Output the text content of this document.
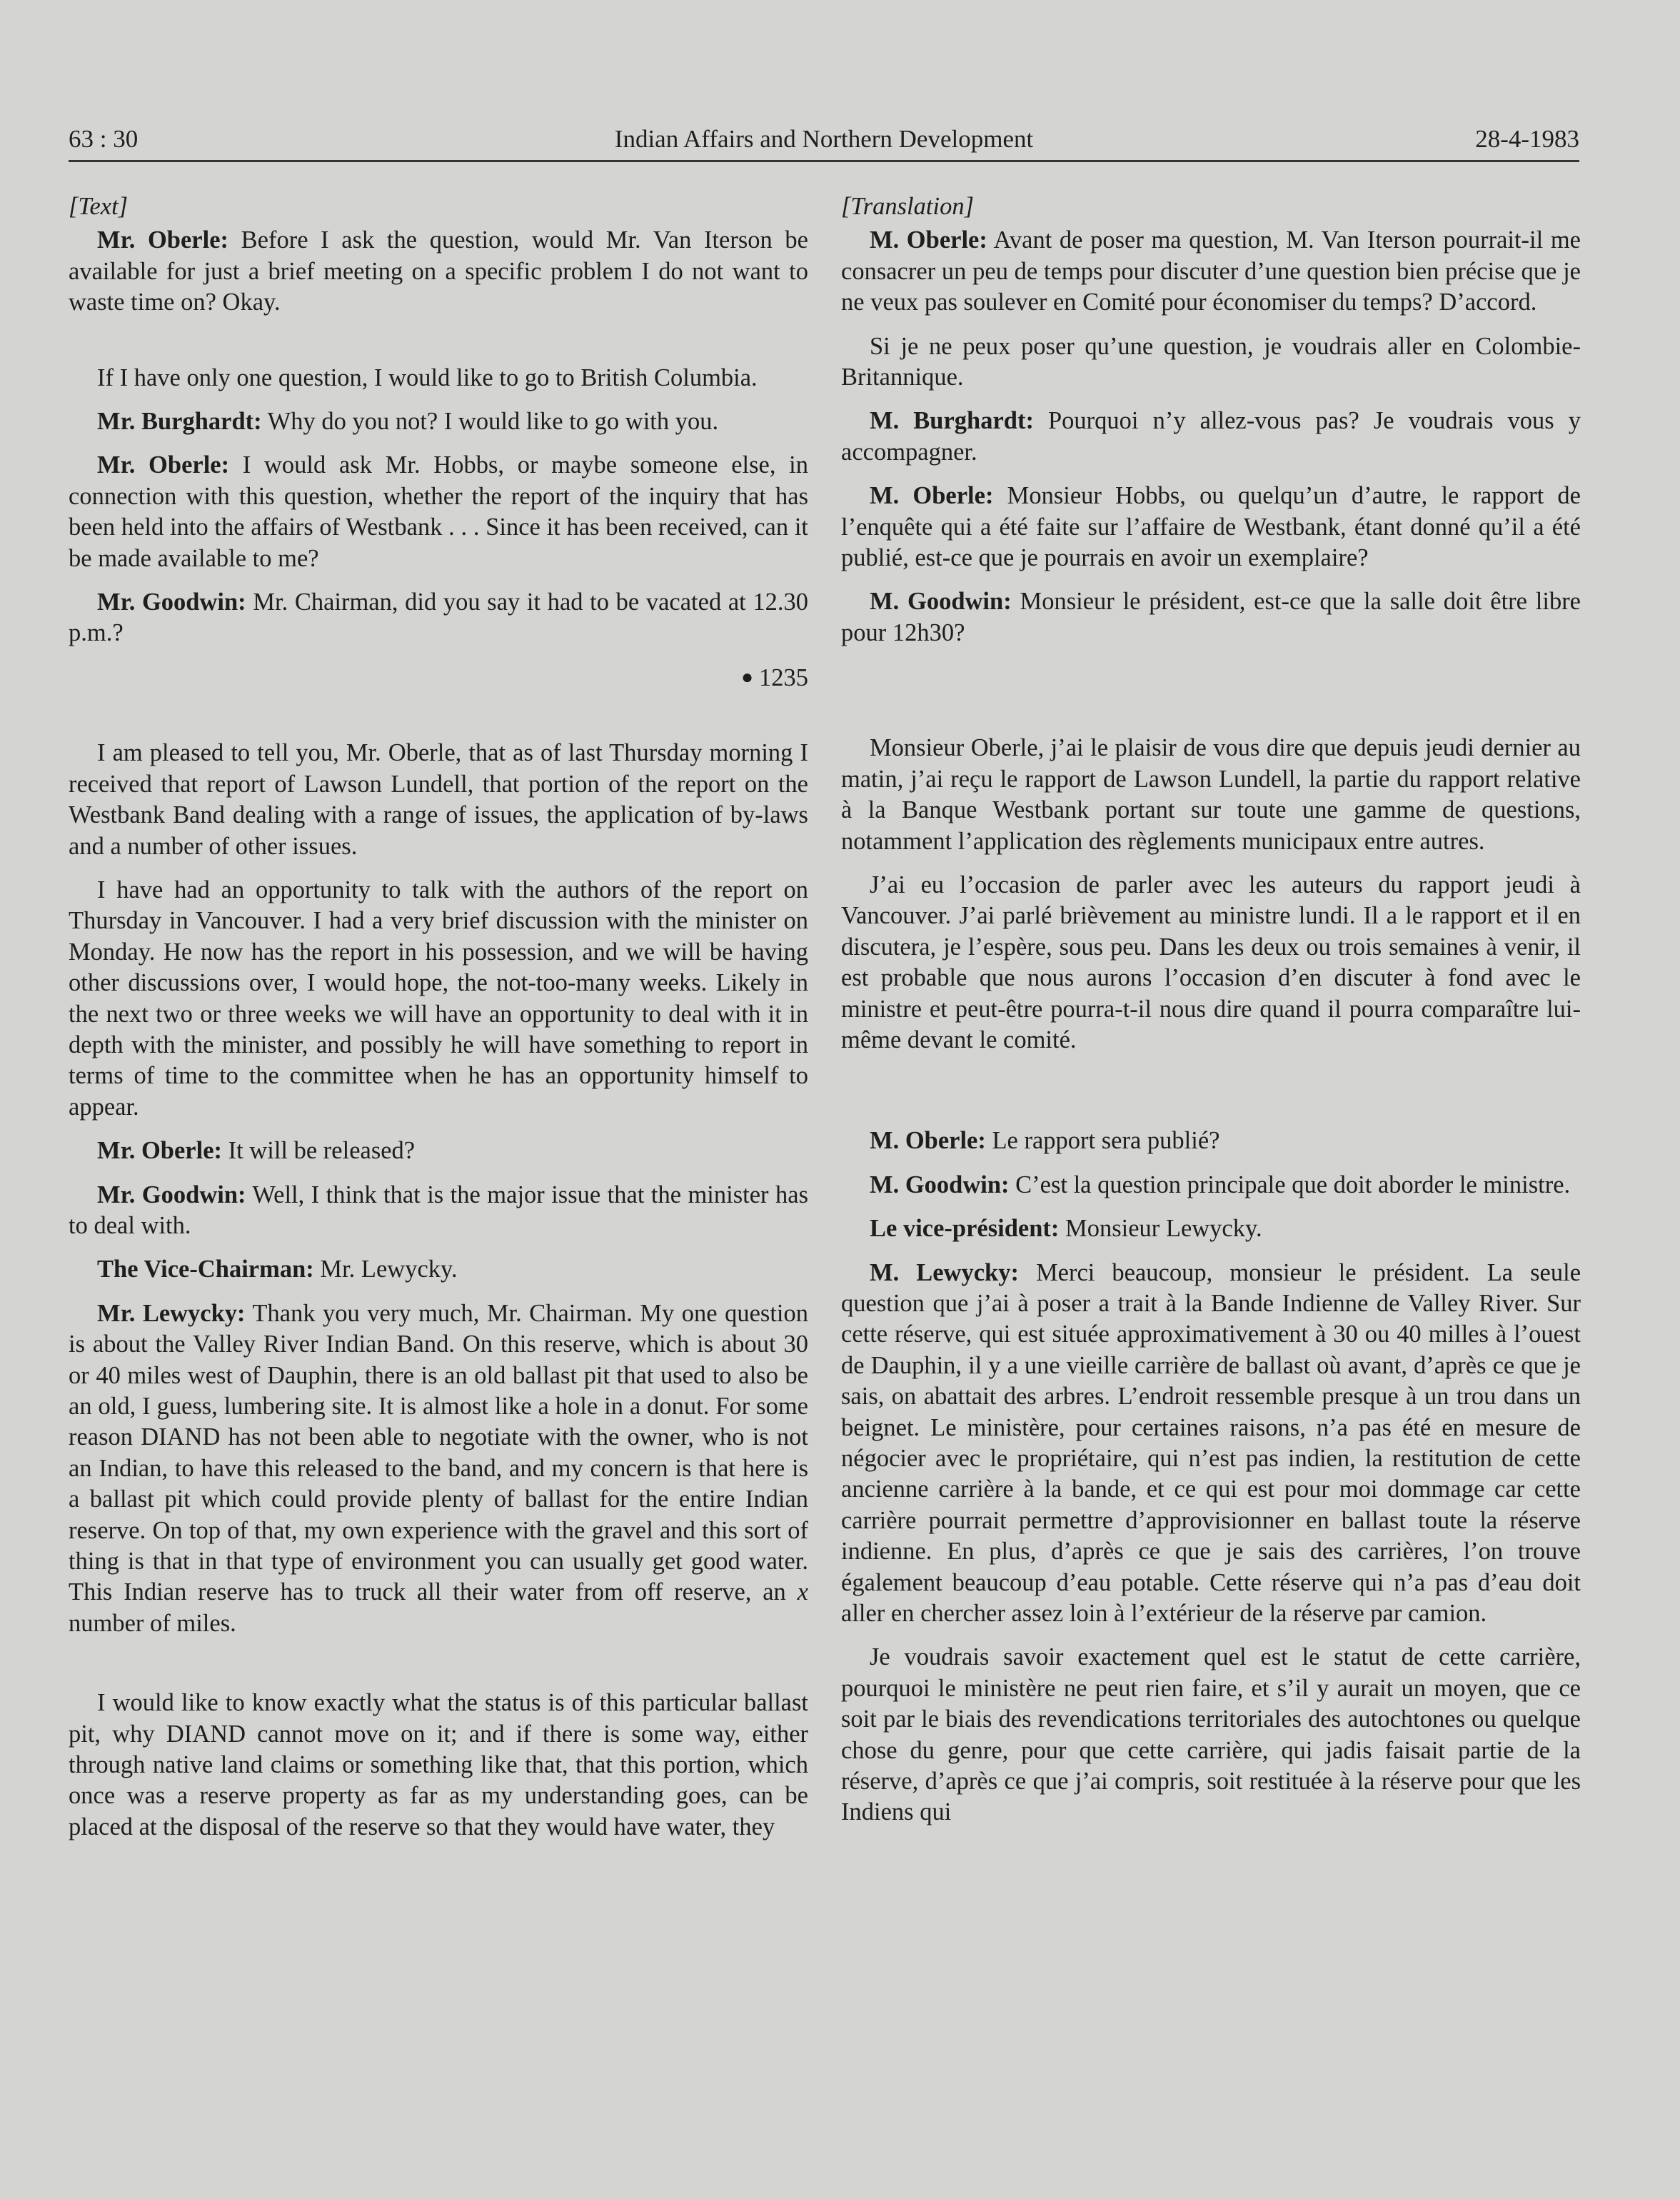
63 : 30	Indian Affairs and Northern Development	28-4-1983

[Text]

Mr. Oberle: Before I ask the question, would Mr. Van Iterson be available for just a brief meeting on a specific problem I do not want to waste time on? Okay.

If I have only one question, I would like to go to British Columbia.

Mr. Burghardt: Why do you not? I would like to go with you.

Mr. Oberle: I would ask Mr. Hobbs, or maybe someone else, in connection with this question, whether the report of the inquiry that has been held into the affairs of Westbank . . . Since it has been received, can it be made available to me?

Mr. Goodwin: Mr. Chairman, did you say it had to be vacated at 12.30 p.m.?

● 1235

I am pleased to tell you, Mr. Oberle, that as of last Thursday morning I received that report of Lawson Lundell, that portion of the report on the Westbank Band dealing with a range of issues, the application of by-laws and a number of other issues.

I have had an opportunity to talk with the authors of the report on Thursday in Vancouver. I had a very brief discussion with the minister on Monday. He now has the report in his possession, and we will be having other discussions over, I would hope, the not-too-many weeks. Likely in the next two or three weeks we will have an opportunity to deal with it in depth with the minister, and possibly he will have something to report in terms of time to the committee when he has an opportunity himself to appear.

Mr. Oberle: It will be released?

Mr. Goodwin: Well, I think that is the major issue that the minister has to deal with.

The Vice-Chairman: Mr. Lewycky.

Mr. Lewycky: Thank you very much, Mr. Chairman. My one question is about the Valley River Indian Band. On this reserve, which is about 30 or 40 miles west of Dauphin, there is an old ballast pit that used to also be an old, I guess, lumbering site. It is almost like a hole in a donut. For some reason DIAND has not been able to negotiate with the owner, who is not an Indian, to have this released to the band, and my concern is that here is a ballast pit which could provide plenty of ballast for the entire Indian reserve. On top of that, my own experience with the gravel and this sort of thing is that in that type of environment you can usually get good water. This Indian reserve has to truck all their water from off reserve, an x number of miles.

I would like to know exactly what the status is of this particular ballast pit, why DIAND cannot move on it; and if there is some way, either through native land claims or something like that, that this portion, which once was a reserve property as far as my understanding goes, can be placed at the disposal of the reserve so that they would have water, they

[Translation]

M. Oberle: Avant de poser ma question, M. Van Iterson pourrait-il me consacrer un peu de temps pour discuter d’une question bien précise que je ne veux pas soulever en Comité pour économiser du temps? D’accord.

Si je ne peux poser qu’une question, je voudrais aller en Colombie-Britannique.

M. Burghardt: Pourquoi n’y allez-vous pas? Je voudrais vous y accompagner.

M. Oberle: Monsieur Hobbs, ou quelqu’un d’autre, le rapport de l’enquête qui a été faite sur l’affaire de Westbank, étant donné qu’il a été publié, est-ce que je pourrais en avoir un exemplaire?

M. Goodwin: Monsieur le président, est-ce que la salle doit être libre pour 12h30?

Monsieur Oberle, j’ai le plaisir de vous dire que depuis jeudi dernier au matin, j’ai reçu le rapport de Lawson Lundell, la partie du rapport relative à la Banque Westbank portant sur toute une gamme de questions, notamment l’application des règlements municipaux entre autres.

J’ai eu l’occasion de parler avec les auteurs du rapport jeudi à Vancouver. J’ai parlé brièvement au ministre lundi. Il a le rapport et il en discutera, je l’espère, sous peu. Dans les deux ou trois semaines à venir, il est probable que nous aurons l’occasion d’en discuter à fond avec le ministre et peut-être pourra-t-il nous dire quand il pourra comparaître lui-même devant le comité.

M. Oberle: Le rapport sera publié?

M. Goodwin: C’est la question principale que doit aborder le ministre.

Le vice-président: Monsieur Lewycky.

M. Lewycky: Merci beaucoup, monsieur le président. La seule question que j’ai à poser a trait à la Bande Indienne de Valley River. Sur cette réserve, qui est située approximativement à 30 ou 40 milles à l’ouest de Dauphin, il y a une vieille carrière de ballast où avant, d’après ce que je sais, on abattait des arbres. L’endroit ressemble presque à un trou dans un beignet. Le ministère, pour certaines raisons, n’a pas été en mesure de négocier avec le propriétaire, qui n’est pas indien, la restitution de cette ancienne carrière à la bande, et ce qui est pour moi dommage car cette carrière pourrait permettre d’approvisionner en ballast toute la réserve indienne. En plus, d’après ce que je sais des carrières, l’on trouve également beaucoup d’eau potable. Cette réserve qui n’a pas d’eau doit aller en chercher assez loin à l’extérieur de la réserve par camion.

Je voudrais savoir exactement quel est le statut de cette carrière, pourquoi le ministère ne peut rien faire, et s’il y aurait un moyen, que ce soit par le biais des revendications territoriales des autochtones ou quelque chose du genre, pour que cette carrière, qui jadis faisait partie de la réserve, d’après ce que j’ai compris, soit restituée à la réserve pour que les Indiens qui
